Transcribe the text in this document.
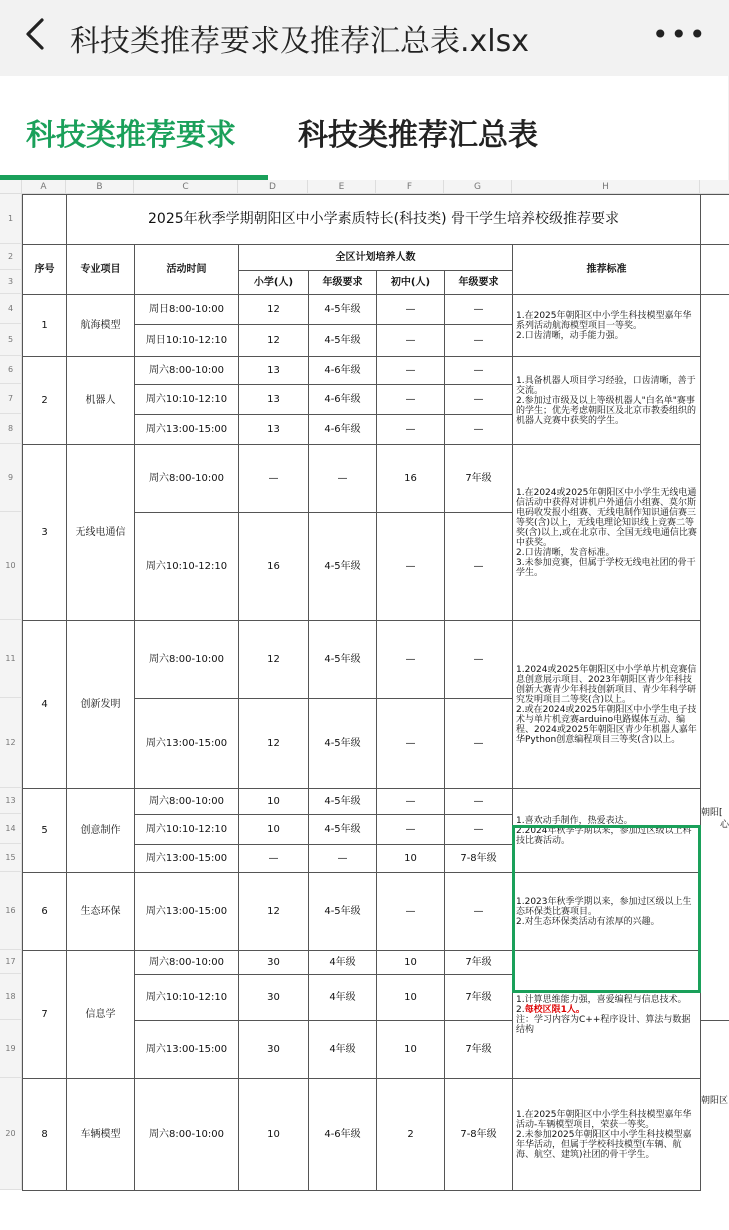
科技类推荐要求及推荐汇总表.xlsx	•••
科技类推荐要求 科技类推荐汇总表
A	B	C	D	E	F	G	H
1
2
3
4
5
6
7
8
9
10
11
12
13
14
15
16
17
18
19
20
	2025年秋季学期朝阳区中小学素质特长(科技类) 骨干学生培养校级推荐要求								
序号	专业项目	活动时间	全区计划培养人数				推荐标准		
			小学(人)	年级要求	初中(人)	年级要求			
1	航海模型	周日8:00-10:00	12	4-5年级	—	—	1.在2025年朝阳区中小学生科技模型嘉年华系列活动航海模型项目一等奖。

2.口齿清晰，动手能力强。		

		周日10:10-12:10	12	4-5年级	—	—			
2	机器人	周六8:00-10:00	13	4-6年级	—	—	1.具备机器人项目学习经验，口齿清晰，善于交流。

2.参加过市级及以上等级机器人"白名单"赛事的学生；优先考虑朝阳区及北京市教委组织的机器人竞赛中获奖的学生。		

		周六10:10-12:10	13	4-6年级	—	—			
		周六13:00-15:00	13	4-6年级	—	—			
3	无线电通信	周六8:00-10:00	—	—	16	7年级	1.在2024或2025年朝阳区中小学生无线电通信活动中获得对讲机户外通信小组赛、莫尔斯电码收发报小组赛、无线电制作知识通信赛三等奖(含)以上，无线电理论知识线上竞赛二等奖(含)以上,或在北京市、全国无线电通信比赛中获奖。

2.口齿清晰，发音标准。

3.未参加竞赛，但属于学校无线电社团的骨干学生。		

		周六10:10-12:10	16	4-5年级	—	—			
4	创新发明	周六8:00-10:00	12	4-5年级	—	—	1.2024或2025年朝阳区中小学单片机竞赛信息创意展示项目、2023年朝阳区青少年科技创新大赛青少年科技创新项目、青少年科学研究发明项目二等奖(含)以上。

2.或在2024或2025年朝阳区中小学生电子技术与单片机竞赛arduino电路媒体互动、编程、2024或2025年朝阳区青少年机器人嘉年华Python创意编程项目三等奖(含)以上。		

		周六13:00-15:00	12	4-5年级	—	—			
5	创意制作	周六8:00-10:00	10	4-5年级	—	—	1.喜欢动手制作，热爱表达。

2.2024年秋季学期以来，参加过区级以上科技比赛活动。		

		周六10:10-12:10	10	4-5年级	—	—			
		周六13:00-15:00	—	—	10	7-8年级			
6	生态环保	周六13:00-15:00	12	4-5年级	—	—	1.2023年秋季学期以来，参加过区级以上生态环保类比赛项目。

2.对生态环保类活动有浓厚的兴趣。		

7	信息学	周六8:00-10:00	30	4年级	10	7年级	1.计算思维能力强，喜爱编程与信息技术。

2.每校区限1人。

注：学习内容为C++程序设计、算法与数据结构		

		周六10:10-12:10	30	4年级	10	7年级			
		周六13:00-15:00	30	4年级	10	7年级			
8	车辆模型	周六8:00-10:00	10	4-6年级	2	7-8年级	1.在2025年朝阳区中小学生科技模型嘉年华活动-车辆模型项目，荣获一等奖。

2.未参加2025年朝阳区中小学生科技模型嘉年华活动，但属于学校科技模型(车辆、航海、航空、建筑)社团的骨干学生。		

朝阳[
心
朝阳区
